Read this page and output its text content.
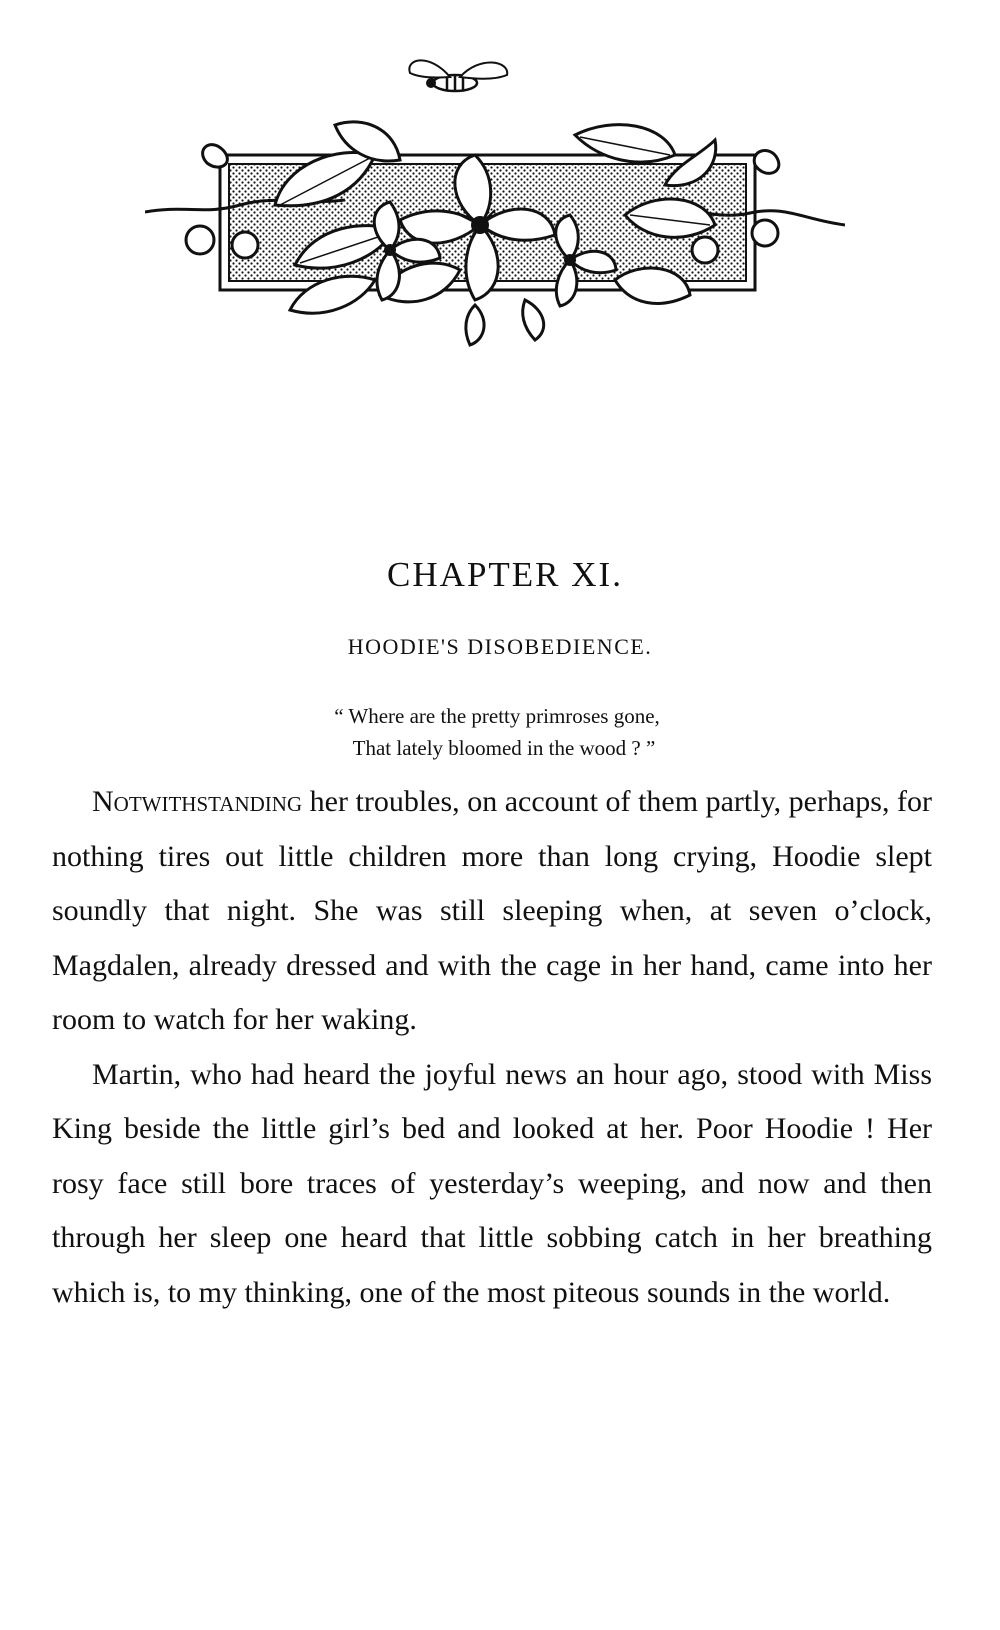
CHAPTER XI.
HOODIE'S DISOBEDIENCE.
“ Where are the pretty primroses gone,
That lately bloomed in the wood ? ”

Notwithstanding her troubles, on account of them partly, perhaps, for nothing tires out little children more than long crying, Hoodie slept soundly that night. She was still sleeping when, at seven o’clock, Magdalen, already dressed and with the cage in her hand, came into her room to watch for her waking.

Martin, who had heard the joyful news an hour ago, stood with Miss King beside the little girl’s bed and looked at her. Poor Hoodie ! Her rosy face still bore traces of yesterday’s weeping, and now and then through her sleep one heard that little sobbing catch in her breathing which is, to my thinking, one of the most piteous sounds in the world.
